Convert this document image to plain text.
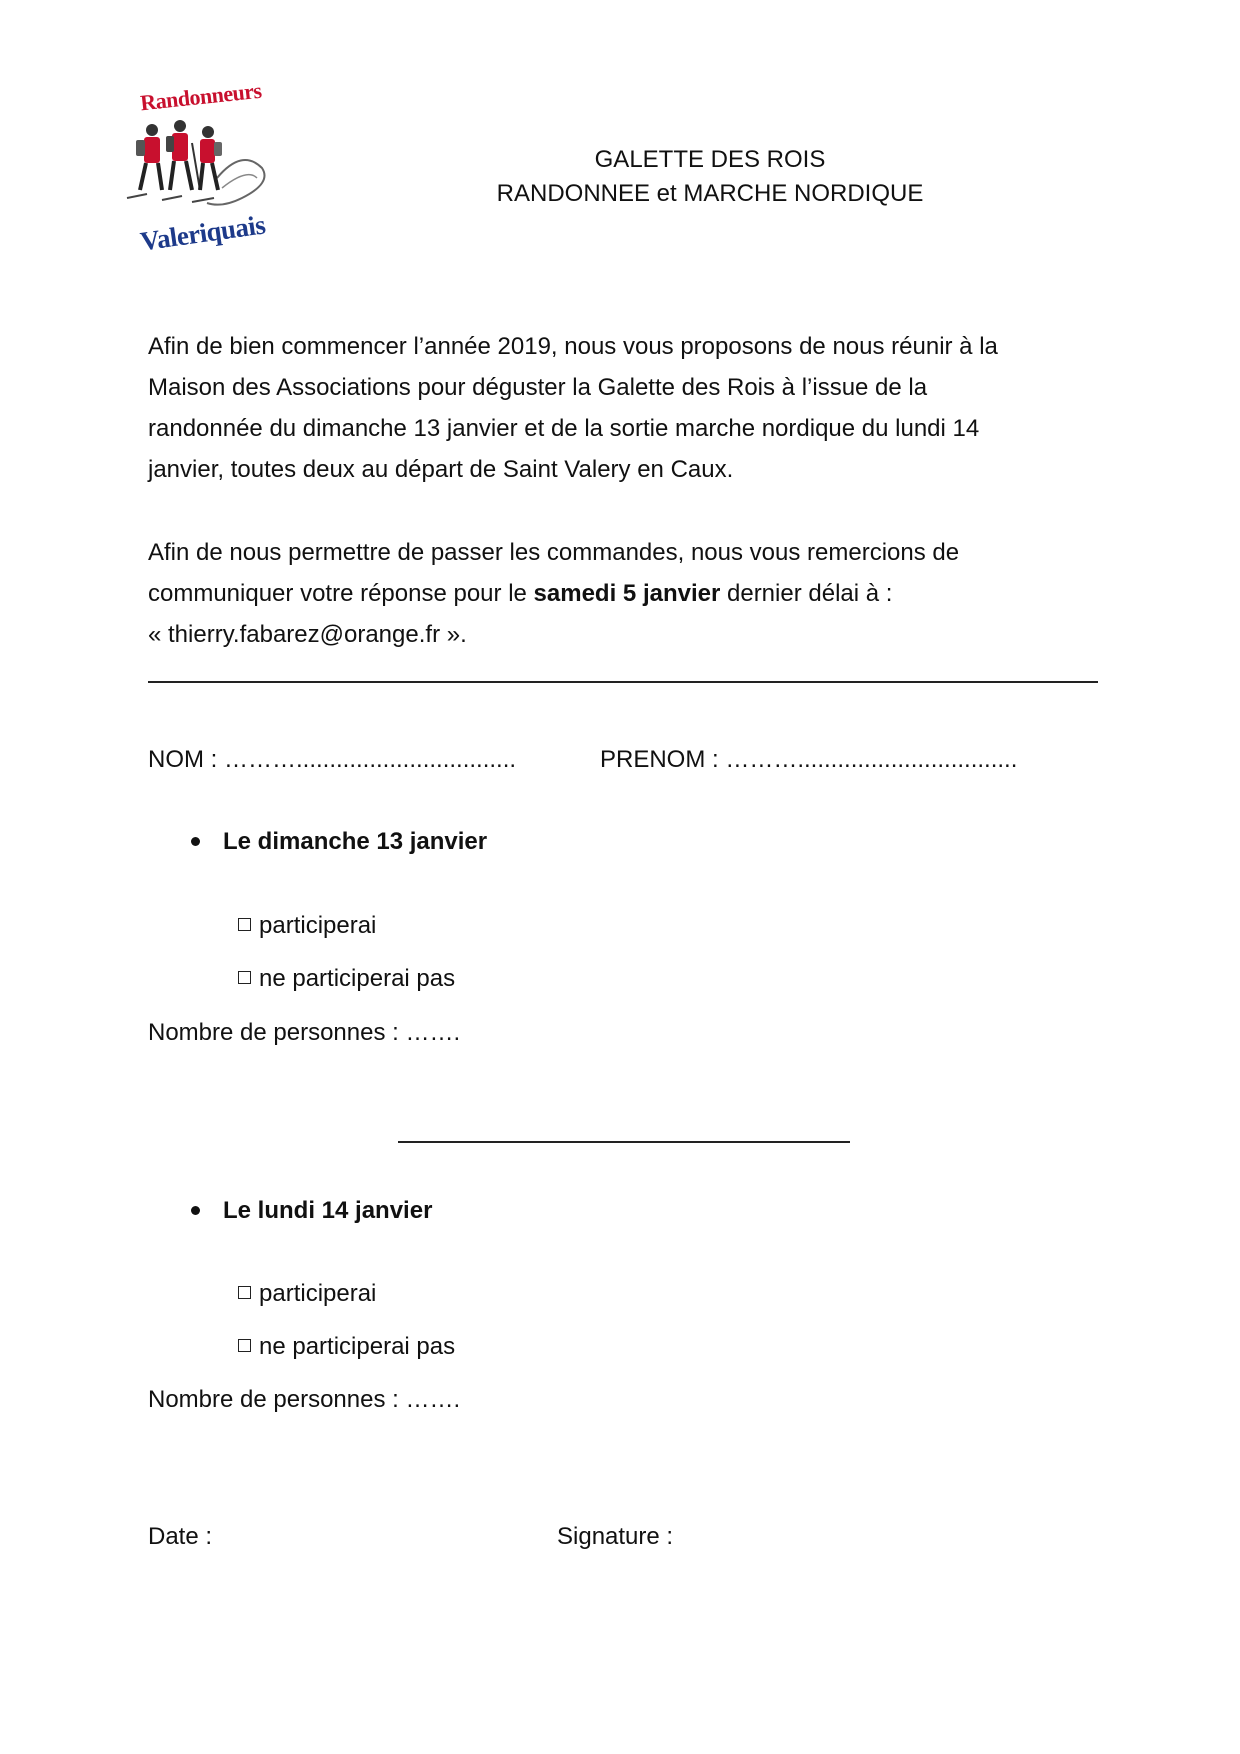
Randonneurs
Valeriquais
GALETTE DES ROIS
RANDONNEE et MARCHE NORDIQUE
Afin de bien commencer l’année 2019, nous vous proposons de nous réunir à la
Maison des Associations pour déguster la Galette des Rois à l’issue de la
randonnée du dimanche 13 janvier et de la sortie marche nordique du lundi 14
janvier, toutes deux au départ de Saint Valery en Caux.
Afin de nous permettre de passer les commandes, nous vous remercions de
communiquer votre réponse pour le samedi 5 janvier dernier délai à :
« thierry.fabarez@orange.fr ».
NOM : ……….................................	PRENOM : ……….................................
Le dimanche 13 janvier
participerai
ne participerai pas
Nombre de personnes : …….
Le lundi 14 janvier
participerai
ne participerai pas
Nombre de personnes : …….
Date :	Signature :
